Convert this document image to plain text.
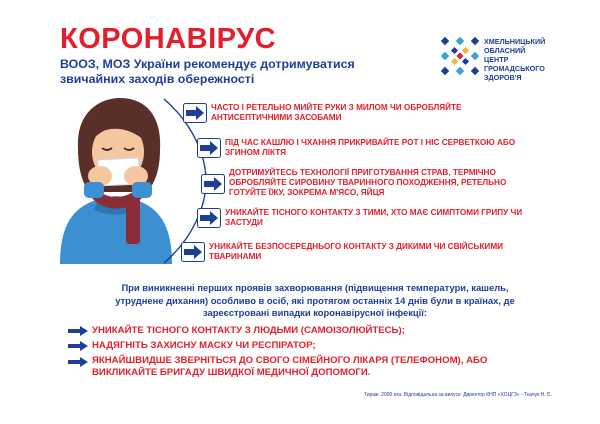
КОРОНАВІРУС
ВООЗ, МОЗ України рекомендує дотримуватися звичайних заходів обережності
ХМЕЛЬНИЦЬКИЙ
ОБЛАСНИЙ
ЦЕНТР
ГРОМАДСЬКОГО
ЗДОРОВ'Я
ЧАСТО І РЕТЕЛЬНО МИЙТЕ РУКИ З МИЛОМ ЧИ ОБРОБЛЯЙТЕ
АНТИСЕПТИЧНИМИ ЗАСОБАМИ
ПІД ЧАС КАШЛЮ І ЧХАННЯ ПРИКРИВАЙТЕ РОТ І НІС СЕРВЕТКОЮ АБО
ЗГИНОМ ЛІКТЯ
ДОТРИМУЙТЕСЬ ТЕХНОЛОГІЇ ПРИГОТУВАННЯ СТРАВ, ТЕРМІЧНО
ОБРОБЛЯЙТЕ СИРОВИНУ ТВАРИННОГО ПОХОДЖЕННЯ, РЕТЕЛЬНО
ГОТУЙТЕ ЇЖУ, ЗОКРЕМА М'ЯСО, ЯЙЦЯ
УНИКАЙТЕ ТІСНОГО КОНТАКТУ З ТИМИ, ХТО МАЄ СИМПТОМИ ГРИПУ ЧИ
ЗАСТУДИ
УНИКАЙТЕ БЕЗПОСЕРЕДНЬОГО КОНТАКТУ З ДИКИМИ ЧИ СВІЙСЬКИМИ
ТВАРИНАМИ
При виникненні перших проявів захворювання (підвищення температури, кашель,
утруднене дихання) особливо в осіб, які протягом останніх 14 днів були в країнах, де
зареєстровані випадки коронавірусної інфекції:
УНИКАЙТЕ ТІСНОГО КОНТАКТУ З ЛЮДЬМИ (САМОІЗОЛЮЙТЕСЬ);
НАДЯГНІТЬ ЗАХИСНУ МАСКУ ЧИ РЕСПІРАТОР;
ЯКНАЙШВИДШЕ ЗВЕРНІТЬСЯ ДО СВОГО СІМЕЙНОГО ЛІКАРЯ (ТЕЛЕФОНОМ), АБО
ВИКЛИКАЙТЕ БРИГАДУ ШВИДКОЇ МЕДИЧНОЇ ДОПОМОГИ.
Тираж: 2000 екз. Відповідальна за випуск: Директор КНП «ХОЦГЗ» - Ткачук Н. Є.
